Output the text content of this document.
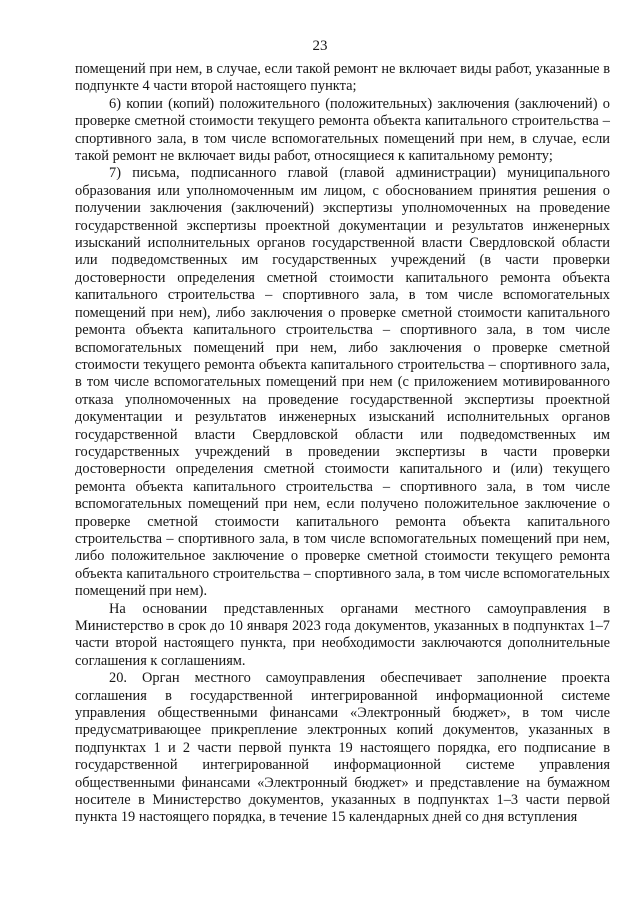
23

помещений при нем, в случае, если такой ремонт не включает виды работ, указанные в подпункте 4 части второй настоящего пункта;

6) копии (копий) положительного (положительных) заключения (заключений) о проверке сметной стоимости текущего ремонта объекта капитального строительства – спортивного зала, в том числе вспомогательных помещений при нем, в случае, если такой ремонт не включает виды работ, относящиеся к капитальному ремонту;

7) письма, подписанного главой (главой администрации) муниципального образования или уполномоченным им лицом, с обоснованием принятия решения о получении заключения (заключений) экспертизы уполномоченных на проведение государственной экспертизы проектной документации и результатов инженерных изысканий исполнительных органов государственной власти Свердловской области или подведомственных им государственных учреждений (в части проверки достоверности определения сметной стоимости капитального ремонта объекта капитального строительства – спортивного зала, в том числе вспомогательных помещений при нем), либо заключения о проверке сметной стоимости капитального ремонта объекта капитального строительства – спортивного зала, в том числе вспомогательных помещений при нем, либо заключения о проверке сметной стоимости текущего ремонта объекта капитального строительства – спортивного зала, в том числе вспомогательных помещений при нем (с приложением мотивированного отказа уполномоченных на проведение государственной экспертизы проектной документации и результатов инженерных изысканий исполнительных органов государственной власти Свердловской области или подведомственных им государственных учреждений в проведении экспертизы в части проверки достоверности определения сметной стоимости капитального и (или) текущего ремонта объекта капитального строительства – спортивного зала, в том числе вспомогательных помещений при нем, если получено положительное заключение о проверке сметной стоимости капитального ремонта объекта капитального строительства – спортивного зала, в том числе вспомогательных помещений при нем, либо положительное заключение о проверке сметной стоимости текущего ремонта объекта капитального строительства – спортивного зала, в том числе вспомогательных помещений при нем).

На основании представленных органами местного самоуправления в Министерство в срок до 10 января 2023 года документов, указанных в подпунктах 1–7 части второй настоящего пункта, при необходимости заключаются дополнительные соглашения к соглашениям.

20. Орган местного самоуправления обеспечивает заполнение проекта соглашения в государственной интегрированной информационной системе управления общественными финансами «Электронный бюджет», в том числе предусматривающее прикрепление электронных копий документов, указанных в подпунктах 1 и 2 части первой пункта 19 настоящего порядка, его подписание в государственной интегрированной информационной системе управления общественными финансами «Электронный бюджет» и представление на бумажном носителе в Министерство документов, указанных в подпунктах 1–3 части первой пункта 19 настоящего порядка, в течение 15 календарных дней со дня вступления
